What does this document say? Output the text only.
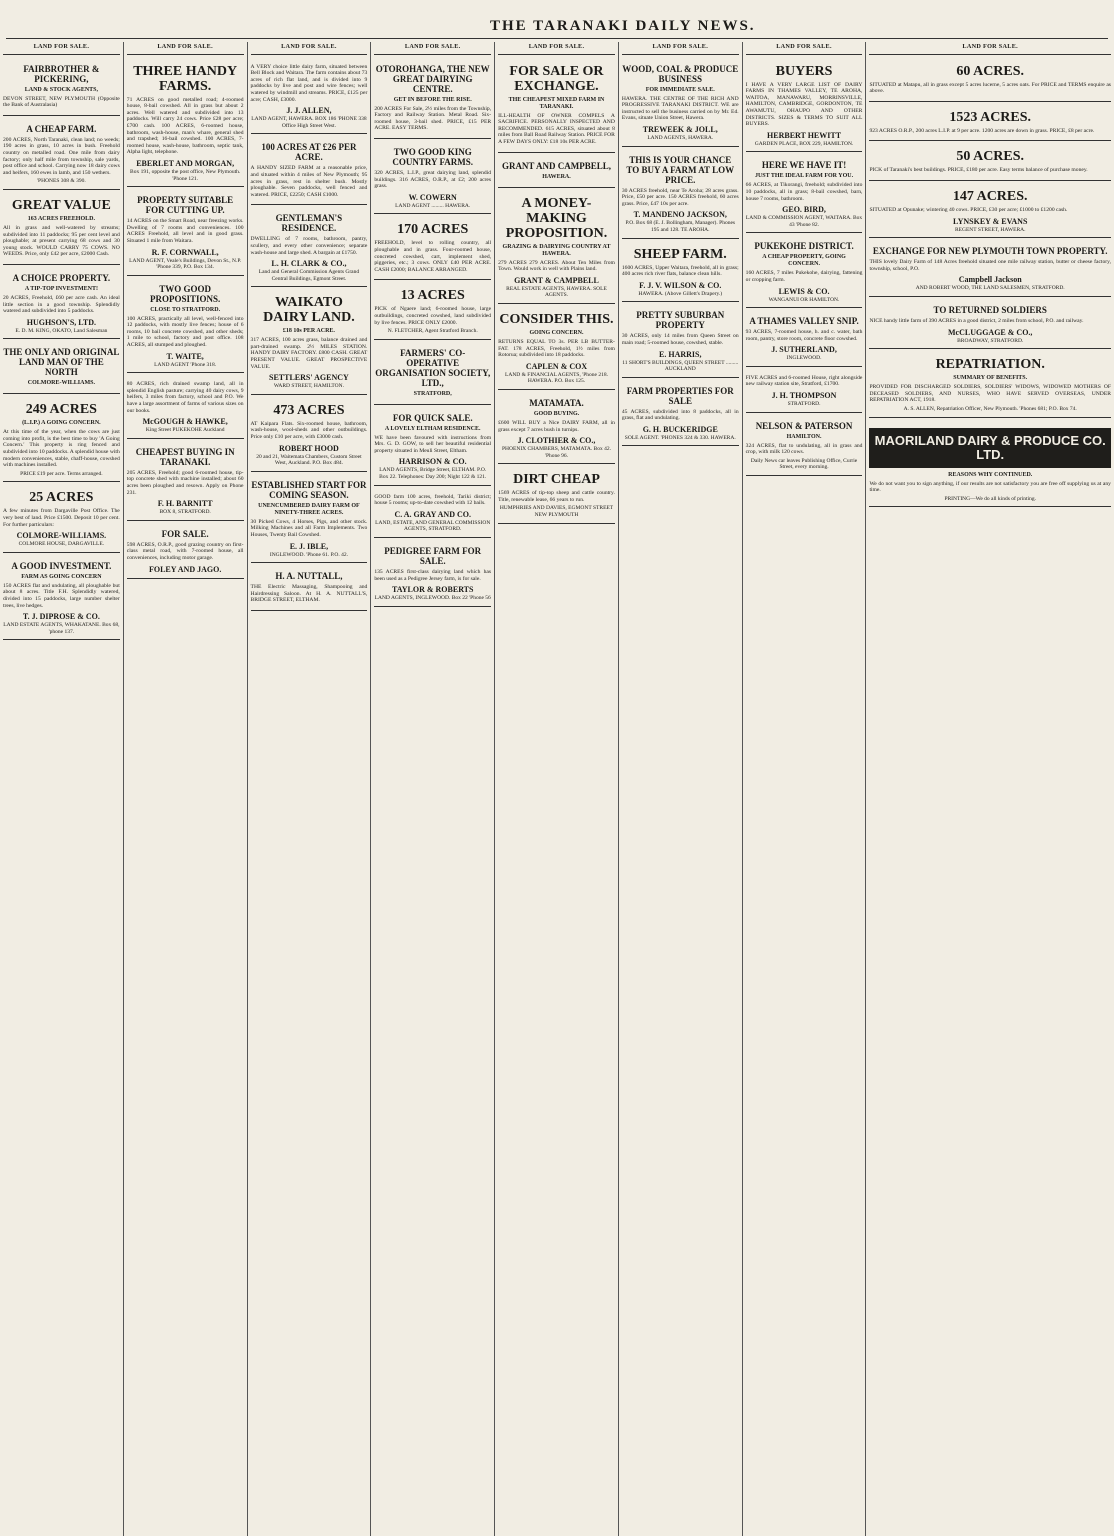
THE TARANAKI DAILY NEWS.
LAND FOR SALE.
FAIRBROTHER & PICKERING,
LAND & STOCK AGENTS,
DEVON STREET, NEW PLYMOUTH (Opposite the Bank of Australasia)
A CHEAP FARM.
200 ACRES, North Taranaki, clean land; no weeds; 190 acres in grass, 10 acres in bush. Freehold country on metalled road. One mile from dairy factory; only half mile from township, sale yards, post office and school. Carrying now 18 dairy cows and heifers, 160 ewes in lamb, and 150 wethers.
'PHONES 308 & 390.
GREAT VALUE
163 ACRES FREEHOLD.
All in grass and well-watered by streams; subdivided into 11 paddocks; 95 per cent level and ploughable; at present carrying 68 cows and 30 young stock. WOULD CARRY 75 COWS. NO WEEDS. Price, only £42 per acre, £2000 Cash.
A CHOICE PROPERTY.
A TIP-TOP INVESTMENT!
20 ACRES, Freehold, £60 per acre cash. An ideal little section in a good township. Splendidly watered and subdivided into 5 paddocks.
HUGHSON'S, LTD.
E. D. M. KING, OKATO, Land Salesman
THE ONLY AND ORIGINAL LAND MAN OF THE NORTH
COLMORE-WILLIAMS.
249 ACRES
(L.I.P.) A GOING CONCERN.
At this time of the year, when the cows are just coming into profit, is the best time to buy 'A Going Concern.' This property is ring fenced and subdivided into 10 paddocks. A splendid house with modern conveniences, stable, chaff-house, cowshed with machines installed.
PRICE £19 per acre. Terms arranged.
25 ACRES
A few minutes from Dargaville Post Office. The very best of land. Price £1500. Deposit 10 per cent. For further particulars:
COLMORE-WILLIAMS.
COLMORE HOUSE, DARGAVILLE.
A GOOD INVESTMENT.
FARM AS GOING CONCERN
150 ACRES flat and undulating, all ploughable but about 8 acres. Title F.H. Splendidly watered, divided into 15 paddocks, large number shelter trees, live hedges.
T. J. DIPROSE & CO.
LAND ESTATE AGENTS, WHAKATANE. Box 68, 'phone 137.
LAND FOR SALE.
THREE HANDY FARMS.
71 ACRES on good metalled road; 4-roomed house, 8-bail cowshed. All in grass but about 2 acres. Well watered and subdivided into 13 paddocks. Will carry 24 cows. Price £28 per acre; £700 cash. 100 ACRES, 6-roomed house, bathroom, wash-house, man's whare, general shed and trapshed; 16-bail cowshed. 100 ACRES, 7-roomed house, wash-house, bathroom, septic tank, Alpha light, telephone.
EBERLET AND MORGAN,
Box 191, opposite the post office, New Plymouth. 'Phone 121.
PROPERTY SUITABLE FOR CUTTING UP.
14 ACRES on the Smart Road, near freezing works. Dwelling of 7 rooms and conveniences. 100 ACRES Freehold, all level and in good grass. Situated 1 mile from Waitara.
R. F. CORNWALL,
LAND AGENT, Veale's Buildings, Devon St., N.P. 'Phone 339, P.O. Box 134.
TWO GOOD PROPOSITIONS.
CLOSE TO STRATFORD.
100 ACRES, practically all level, well-fenced into 12 paddocks, with mostly live fences; house of 6 rooms, 10 bail concrete cowshed, and other sheds; 1 mile to school, factory and post office. 108 ACRES, all stumped and ploughed.
T. WAITE,
LAND AGENT 'Phone 318.
80 ACRES, rich drained swamp land, all in splendid English pasture; carrying 40 dairy cows, 9 heifers, 3 miles from factory, school and P.O. We have a large assortment of farms of various sizes on our books.
McGOUGH & HAWKE,
King Street PUKEKOHE Auckland
CHEAPEST BUYING IN TARANAKI.
205 ACRES, Freehold; good 6-roomed house, tip-top concrete shed with machine installed; about 60 acres been ploughed and resown. Apply on Phone 231.
F. H. BARNITT
BOX 8, STRATFORD.
FOR SALE.
598 ACRES, O.R.P., good grazing country on first-class metal road, with 7-roomed house, all conveniences, including motor garage.
FOLEY AND JAGO.
LAND FOR SALE.
A VERY choice little dairy farm, situated between Bell Block and Waitara. The farm contains about 73 acres of rich flat land, and is divided into 9 paddocks by live and post and wire fences; well watered by windmill and streams. PRICE, £125 per acre; CASH, £3000.
J. J. ALLEN,
LAND AGENT, HAWERA. BOX 186 'PHONE 338 Office High Street West.
100 ACRES AT £26 PER ACRE.
A HANDY SIZED FARM at a reasonable price, and situated within 4 miles of New Plymouth; 95 acres in grass, rest in shelter bush. Mostly ploughable. Seven paddocks, well fenced and watered. PRICE, £2250; CASH £1000.
GENTLEMAN'S RESIDENCE.
DWELLING of 7 rooms, bathroom, pantry, scullery, and every other convenience; separate wash-house and large shed. A bargain at £1750.
L. H. CLARK & CO.,
Land and General Commission Agents Grand Central Buildings, Egmont Street.
WAIKATO DAIRY LAND.
£18 10s PER ACRE.
317 ACRES, 100 acres grass, balance drained and part-drained swamp. 2½ MILES STATION. HANDY DAIRY FACTORY. £800 CASH. GREAT PRESENT VALUE. GREAT PROSPECTIVE VALUE.
SETTLERS' AGENCY
WARD STREET, HAMILTON.
473 ACRES
AT Kaipara Flats. Six-roomed house, bathroom, wash-house, wool-sheds and other outbuildings. Price only £10 per acre, with £3000 cash.
ROBERT HOOD
20 and 21, Waitemata Chambers, Custom Street West, Auckland. P.O. Box 484.
ESTABLISHED START FOR COMING SEASON.
UNENCUMBERED DAIRY FARM OF NINETY-THREE ACRES.
30 Picked Cows, 4 Horses, Pigs, and other stock. Milking Machines and all Farm Implements. Two Houses, Twenty Bail Cowshed.
E. J. IBLE,
INGLEWOOD. 'Phone 61. P.O. 42.
H. A. NUTTALL,
THE Electric Massaging, Shampooing and Hairdressing Saloon. At H. A. NUTTALL'S, BRIDGE STREET, ELTHAM.
LAND FOR SALE.
OTOROHANGA, THE NEW GREAT DAIRYING CENTRE.
GET IN BEFORE THE RISE.
200 ACRES For Sale, 2½ miles from the Township, Factory and Railway Station. Metal Road. Six-roomed house, 3-bail shed. PRICE, £15 PER ACRE. EASY TERMS.
TWO GOOD KING COUNTRY FARMS.
320 ACRES, L.I.P., great dairying land, splendid buildings. 316 ACRES, O.R.P., at £2; 200 acres grass.
W. COWERN
LAND AGENT ......... HAWERA.
170 ACRES
FREEHOLD, level to rolling country, all ploughable and in grass. Four-roomed house, concreted cowshed, cart, implement shed, piggeries, etc.; 3 cows. ONLY £40 PER ACRE. CASH £2000; BALANCE ARRANGED.
13 ACRES
PICK of Ngaere land; 6-roomed house, large outbuildings, concreted cowshed, land subdivided by live fences. PRICE ONLY £2000.
N. FLETCHER, Agent Stratford Branch.
FARMERS' CO-OPERATIVE ORGANISATION SOCIETY, LTD.,
STRATFORD,
FOR QUICK SALE.
A LOVELY ELTHAM RESIDENCE.
WE have been favoured with instructions from Mrs. G. D. GOW, to sell her beautiful residential property situated in Meuli Street, Eltham.
HARRISON & CO.
LAND AGENTS, Bridge Street, ELTHAM. P.O. Box 22. Telephones: Day 200; Night 122 & 121.
GOOD farm 100 acres, freehold, Tariki district; house 5 rooms; up-to-date cowshed with 12 bails.
C. A. GRAY AND CO.
LAND, ESTATE, AND GENERAL COMMISSION AGENTS, STRATFORD.
PEDIGREE FARM FOR SALE.
135 ACRES first-class dairying land which has been used as a Pedigree Jersey farm, is for sale.
TAYLOR & ROBERTS
LAND AGENTS, INGLEWOOD. Box 22 'Phone 56
LAND FOR SALE.
FOR SALE OR EXCHANGE.
THE CHEAPEST MIXED FARM IN TARANAKI.
ILL-HEALTH OF OWNER COMPELS A SACRIFICE. PERSONALLY INSPECTED AND RECOMMENDED. 615 ACRES, situated about 8 miles from Ball Road Railway Station. PRICE FOR A FEW DAYS ONLY: £18 10s PER ACRE.
GRANT AND CAMPBELL,
HAWERA.
A MONEY-MAKING PROPOSITION.
GRAZING & DAIRYING COUNTRY AT HAWERA.
279 ACRES 279 ACRES. About Ten Miles from Town. Would work in well with Plains land.
GRANT & CAMPBELL
REAL ESTATE AGENTS, HAWERA. SOLE AGENTS.
CONSIDER THIS.
GOING CONCERN.
RETURNS EQUAL TO 3s. PER LB BUTTER-FAT. 178 ACRES, Freehold, 1½ miles from Rotorua; subdivided into 18 paddocks.
CAPLEN & COX
LAND & FINANCIAL AGENTS, 'Phone 218. HAWERA. P.O. Box 125.
MATAMATA.
GOOD BUYING.
£600 WILL BUY a Nice DAIRY FARM, all in grass except 7 acres bush in turnips.
J. CLOTHIER & CO.,
PHOENIX CHAMBERS, MATAMATA. Box 42. 'Phone 96.
DIRT CHEAP
1569 ACRES of tip-top sheep and cattle country. Title, renewable lease, 66 years to run.
HUMPHRIES AND DAVIES, EGMONT STREET NEW PLYMOUTH
LAND FOR SALE.
WOOD, COAL & PRODUCE BUSINESS
FOR IMMEDIATE SALE.
HAWERA. THE CENTRE OF THE RICH AND PROGRESSIVE TARANAKI DISTRICT. WE are instructed to sell the business carried on by Mr. Ed. Evans, situate Union Street, Hawera.
TREWEEK & JOLL,
LAND AGENTS, HAWERA.
THIS IS YOUR CHANCE TO BUY A FARM AT LOW PRICE.
30 ACRES freehold, near Te Aroha; 28 acres grass. Price, £50 per acre. 150 ACRES freehold, 60 acres grass. Price, £47 10s per acre.
T. MANDENO JACKSON,
P.O. Box 68 (E. J. Bollingham, Manager). Phones 195 and 128. TE AROHA.
SHEEP FARM.
1600 ACRES, Upper Waitara, freehold, all in grass; 400 acres rich river flats, balance clean hills.
F. J. V. WILSON & CO.
HAWERA. (Above Gillett's Drapery.)
PRETTY SUBURBAN PROPERTY
30 ACRES, only 14 miles from Queen Street on main road; 5-roomed house, cowshed, stable.
E. HARRIS,
11 SHORT'S BUILDINGS, QUEEN STREET ......... AUCKLAND
FARM PROPERTIES FOR SALE
45 ACRES, subdivided into 8 paddocks, all in grass, flat and undulating.
G. H. BUCKERIDGE
SOLE AGENT. 'PHONES 324 & 330. HAWERA.
LAND FOR SALE.
BUYERS
I HAVE A VERY LARGE LIST OF DAIRY FARMS IN THAMES VALLEY, TE AROHA, WAITOA, MANAWARU, MORRINSVILLE, HAMILTON, CAMBRIDGE, GORDONTON, TE AWAMUTU, OHAUPO AND OTHER DISTRICTS. SIZES & TERMS TO SUIT ALL BUYERS.
HERBERT HEWITT
GARDEN PLACE, BOX 229, HAMILTON.
HERE WE HAVE IT!
JUST THE IDEAL FARM FOR YOU.
66 ACRES, at Tikorangi, freehold; subdivided into 10 paddocks, all in grass; 8-bail cowshed, barn, house 7 rooms, bathroom.
GEO. BIRD,
LAND & COMMISSION AGENT, WAITARA. Box 43 'Phone 82.
PUKEKOHE DISTRICT.
A CHEAP PROPERTY, GOING CONCERN.
160 ACRES, 7 miles Pukekohe, dairying, fattening or cropping farm.
LEWIS & CO.
WANGANUI OR HAMILTON.
A THAMES VALLEY SNIP.
93 ACRES, 7-roomed house, h. and c. water, bath room, pantry, store room, concrete floor cowshed.
J. SUTHERLAND,
INGLEWOOD.
FIVE ACRES and 6-roomed House, right alongside new railway station site, Stratford, £1700.
J. H. THOMPSON
STRATFORD.
NELSON & PATERSON
HAMILTON.
324 ACRES, flat to undulating, all in grass and crop, with milk 120 cows.
Daily News car leaves Publishing Office, Currie Street, every morning.
LAND FOR SALE.
60 ACRES.
SITUATED at Matapu, all in grass except 5 acres lucerne, 5 acres oats. For PRICE and TERMS enquire as above.
1523 ACRES.
923 ACRES O.R.P., 200 acres L.I.P. at 9 per acre. 1200 acres are down in grass. PRICE, £8 per acre.
50 ACRES.
PICK of Taranaki's best buildings. PRICE, £180 per acre. Easy terms balance of purchase money.
147 ACRES.
SITUATED at Opunake; wintering 40 cows. PRICE, £30 per acre; £1000 to £1200 cash.
LYNSKEY & EVANS
REGENT STREET, HAWERA.
EXCHANGE FOR NEW PLYMOUTH TOWN PROPERTY.
THIS lovely Dairy Farm of 148 Acres freehold situated one mile railway station, butter or cheese factory, township, school, P.O.
Campbell Jackson
AND ROBERT WOOD, THE LAND SALESMEN, STRATFORD.
TO RETURNED SOLDIERS
NICE handy little farm of 390 ACRES in a good district, 2 miles from school, P.O. and railway.
McCLUGGAGE & CO.,
BROADWAY, STRATFORD.
REPATRIATION.
SUMMARY OF BENEFITS.
PROVIDED FOR DISCHARGED SOLDIERS, SOLDIERS' WIDOWS, WIDOWED MOTHERS OF DECEASED SOLDIERS, AND NURSES, WHO HAVE SERVED OVERSEAS, UNDER REPATRIATION ACT, 1918.
A. S. ALLEN, Repatriation Officer, New Plymouth. 'Phones 681; P.O. Box 74.
MAORILAND DAIRY & PRODUCE CO. LTD.
REASONS WHY CONTINUED.
We do not want you to sign anything, if our results are not satisfactory you are free off supplying us at any time.
PRINTING—We do all kinds of printing.
